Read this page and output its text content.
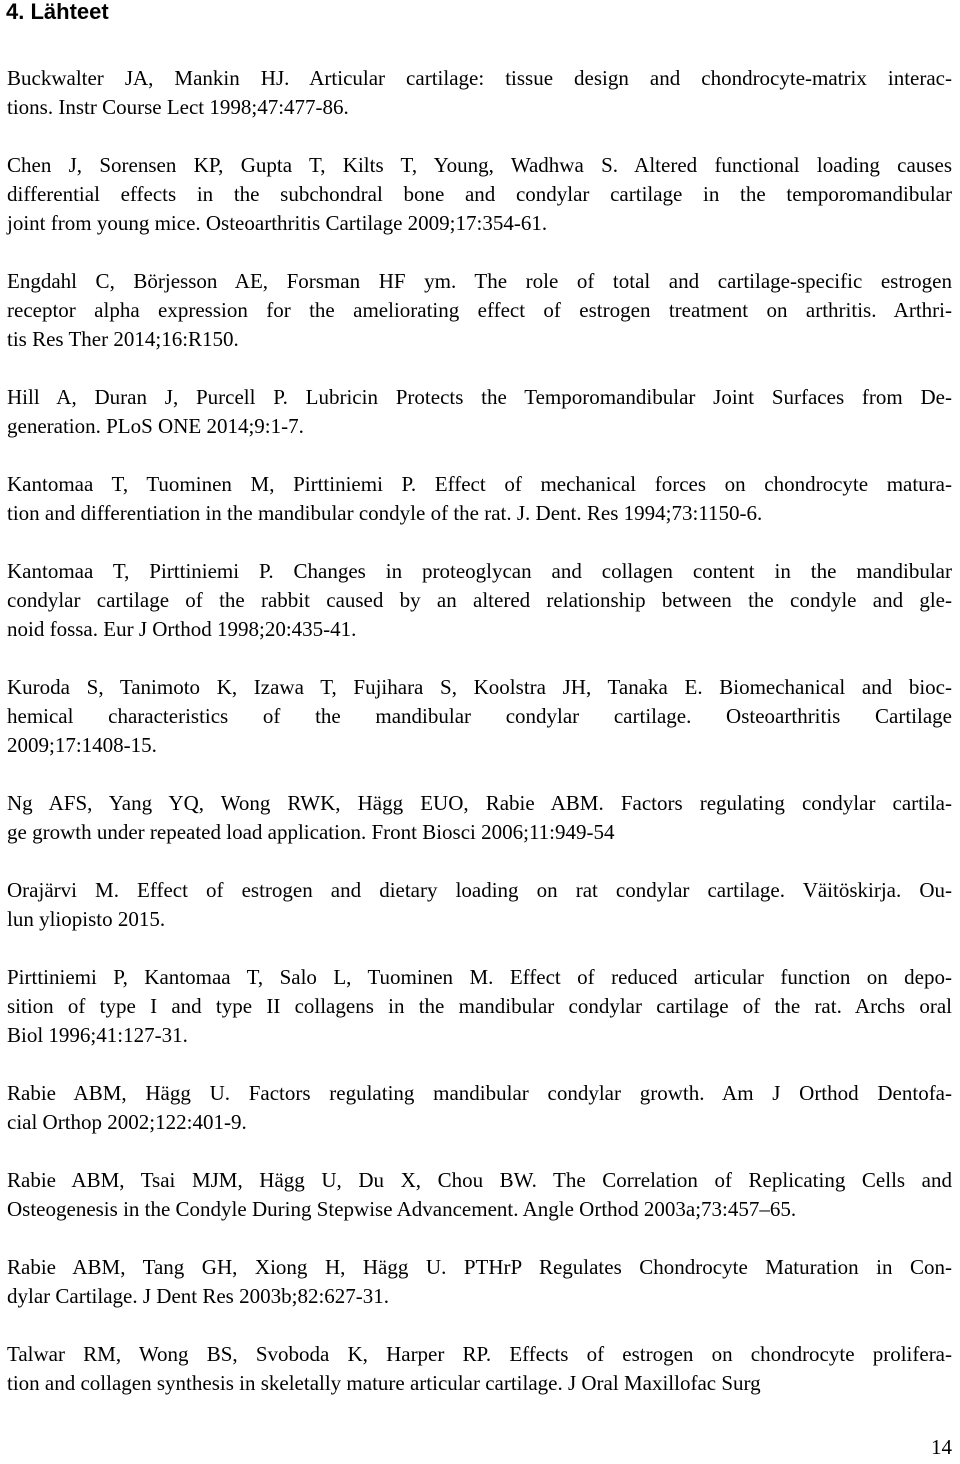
4. Lähteet

Buckwalter JA, Mankin HJ. Articular cartilage: tissue design and chondrocyte-matrix interac-
tions. Instr Course Lect 1998;47:477-86.

Chen J, Sorensen KP, Gupta T, Kilts T, Young, Wadhwa S. Altered functional loading causes
differential effects in the subchondral bone and condylar cartilage in the temporomandibular
joint from young mice. Osteoarthritis Cartilage 2009;17:354-61.

Engdahl C, Börjesson AE, Forsman HF ym. The role of total and cartilage-specific estrogen
receptor alpha expression for the ameliorating effect of estrogen treatment on arthritis. Arthri-
tis Res Ther 2014;16:R150.

Hill A, Duran J, Purcell P. Lubricin Protects the Temporomandibular Joint Surfaces from De-
generation. PLoS ONE 2014;9:1-7.

Kantomaa T, Tuominen M, Pirttiniemi P. Effect of mechanical forces on chondrocyte matura-
tion and differentiation in the mandibular condyle of the rat. J. Dent. Res 1994;73:1150-6.

Kantomaa T, Pirttiniemi P. Changes in proteoglycan and collagen content in the mandibular
condylar cartilage of the rabbit caused by an altered relationship between the condyle and gle-
noid fossa. Eur J Orthod 1998;20:435-41.

Kuroda S, Tanimoto K, Izawa T, Fujihara S, Koolstra JH, Tanaka E. Biomechanical and bioc-
hemical characteristics of the mandibular condylar cartilage. Osteoarthritis Cartilage
2009;17:1408-15.

Ng AFS, Yang YQ, Wong RWK, Hägg EUO, Rabie ABM. Factors regulating condylar cartila-
ge growth under repeated load application. Front Biosci 2006;11:949-54

Orajärvi M. Effect of estrogen and dietary loading on rat condylar cartilage. Väitöskirja. Ou-
lun yliopisto 2015.

Pirttiniemi P, Kantomaa T, Salo L, Tuominen M. Effect of reduced articular function on depo-
sition of type I and type II collagens in the mandibular condylar cartilage of the rat. Archs oral
Biol 1996;41:127-31.

Rabie ABM, Hägg U. Factors regulating mandibular condylar growth. Am J Orthod Dentofa-
cial Orthop 2002;122:401-9.

Rabie ABM, Tsai MJM, Hägg U, Du X, Chou BW. The Correlation of Replicating Cells and
Osteogenesis in the Condyle During Stepwise Advancement. Angle Orthod 2003a;73:457–65.

Rabie ABM, Tang GH, Xiong H, Hägg U. PTHrP Regulates Chondrocyte Maturation in Con-
dylar Cartilage. J Dent Res 2003b;82:627-31.

Talwar RM, Wong BS, Svoboda K, Harper RP. Effects of estrogen on chondrocyte prolifera-
tion and collagen synthesis in skeletally mature articular cartilage. J Oral Maxillofac Surg

14
